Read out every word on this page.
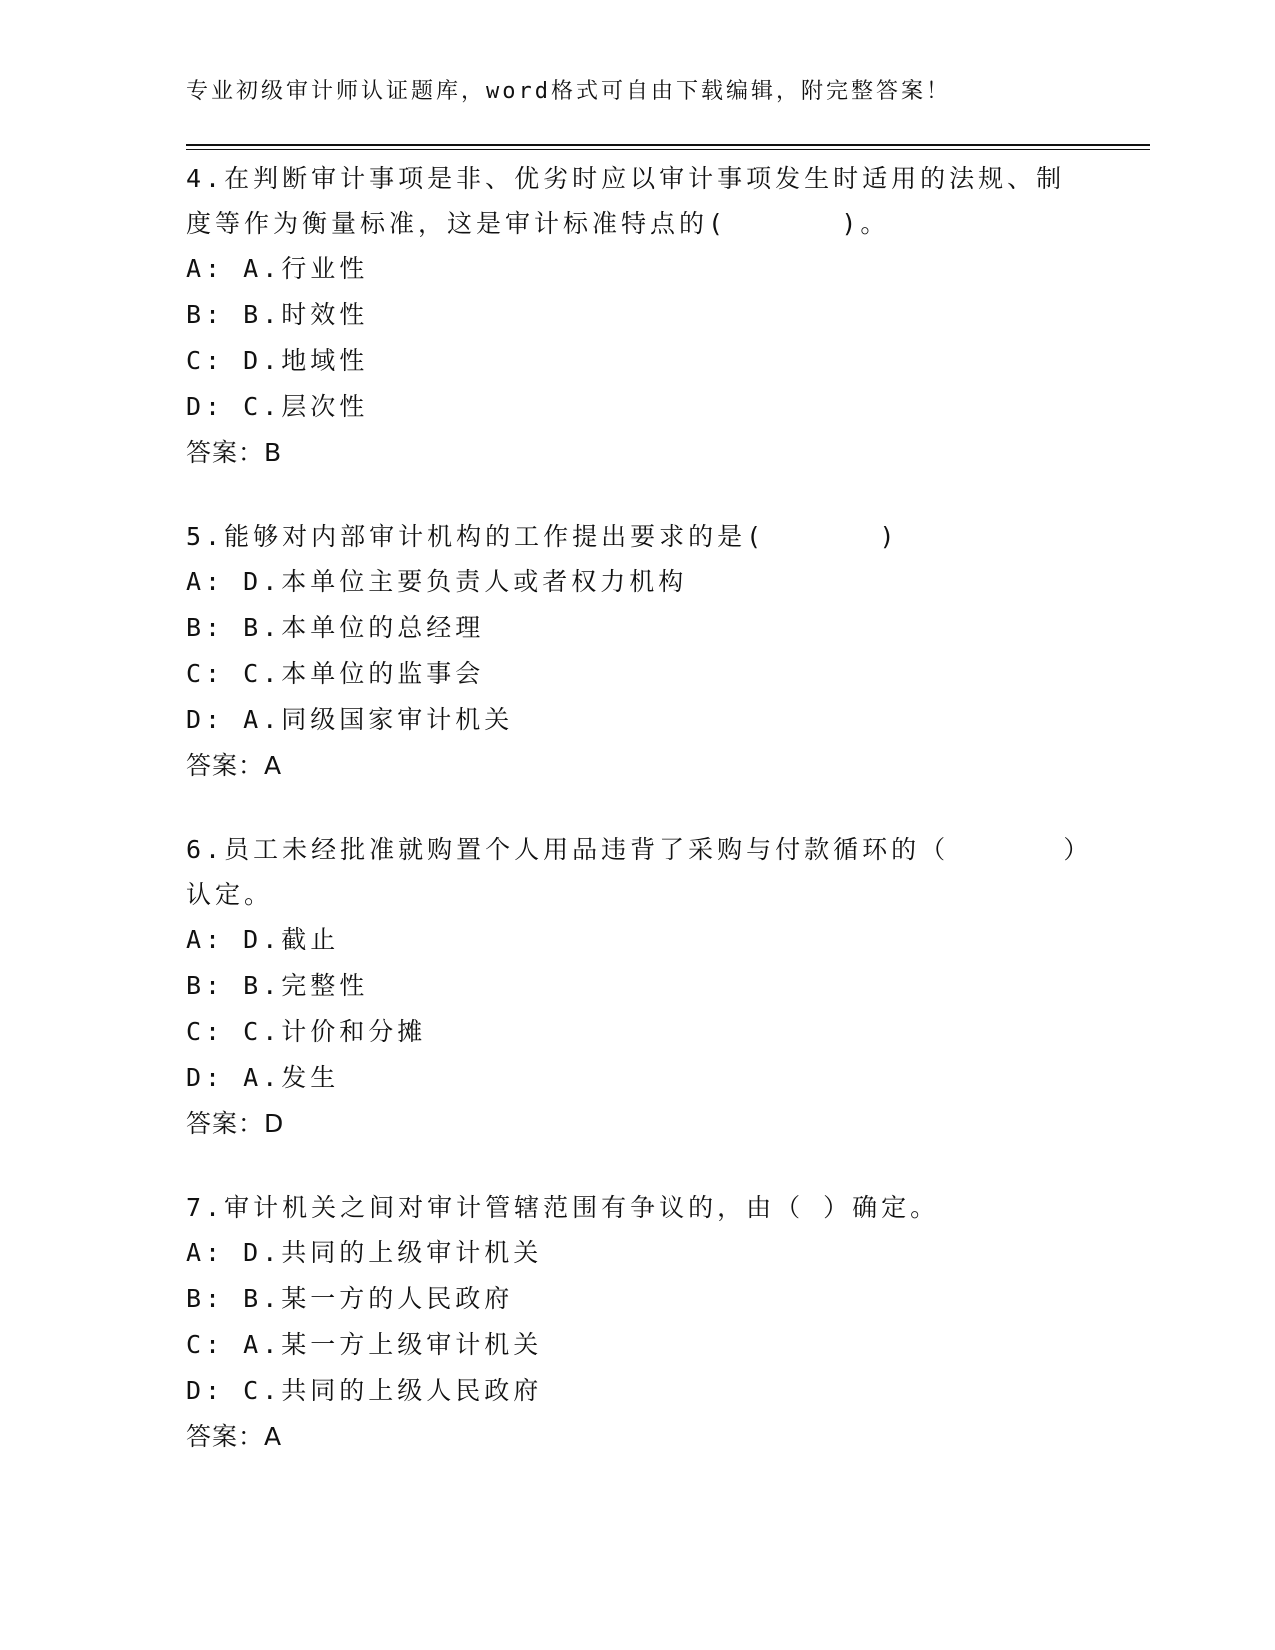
专业初级审计师认证题库，word格式可自由下载编辑，附完整答案！
4.在判断审计事项是非、优劣时应以审计事项发生时适用的法规、制度等作为衡量标准，这是审计标准特点的(      )。
A: A.行业性
B: B.时效性
C: D.地域性
D: C.层次性
答案：B
5.能够对内部审计机构的工作提出要求的是(      )
A: D.本单位主要负责人或者权力机构
B: B.本单位的总经理
C: C.本单位的监事会
D: A.同级国家审计机关
答案：A
6.员工未经批准就购置个人用品违背了采购与付款循环的（      ）认定。
A: D.截止
B: B.完整性
C: C.计价和分摊
D: A.发生
答案：D
7.审计机关之间对审计管辖范围有争议的，由（ ）确定。
A: D.共同的上级审计机关
B: B.某一方的人民政府
C: A.某一方上级审计机关
D: C.共同的上级人民政府
答案：A
